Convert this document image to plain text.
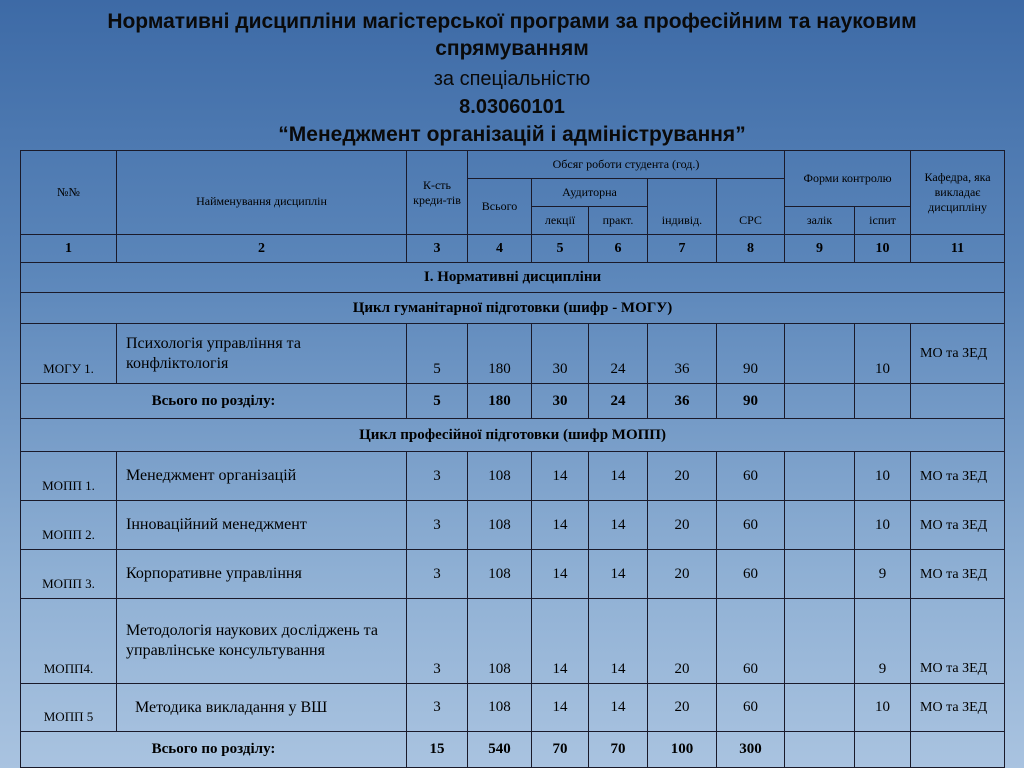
Нормативні дисципліни магістерської програми за професійним та науковим
спрямуванням
за спеціальністю
8.03060101
“Менеджмент організацій і адміністрування”
№№	Найменування дисциплін	К-сть креди-тів	Обсяг роботи студента (год.)					Форми контролю		Кафедра, яка викладає дисципліну
			Всього	Аудиторна		індивід.	СРС			
				лекції	практ.			залік	іспит	
1	2	3	4	5	6	7	8	9	10	11
І. Нормативні дисципліни										
Цикл гуманітарної підготовки (шифр - МОГУ)										
МОГУ 1.	Психологія управління та конфліктологія	5	180	30	24	36	90		10	МО та ЗЕД
Всього по розділу:		5	180	30	24	36	90			
Цикл професійної підготовки (шифр МОПП)										
МОПП 1.	Менеджмент організацій	3	108	14	14	20	60		10	МО та ЗЕД
МОПП 2.	Інноваційний менеджмент	3	108	14	14	20	60		10	МО та ЗЕД
МОПП 3.	Корпоративне управління	3	108	14	14	20	60		9	МО та ЗЕД
МОПП4.	Методологія наукових досліджень та управлінське консультування	3	108	14	14	20	60		9	МО та ЗЕД
МОПП 5	Методика викладання у ВШ	3	108	14	14	20	60		10	МО та ЗЕД
Всього по розділу:		15	540	70	70	100	300			
